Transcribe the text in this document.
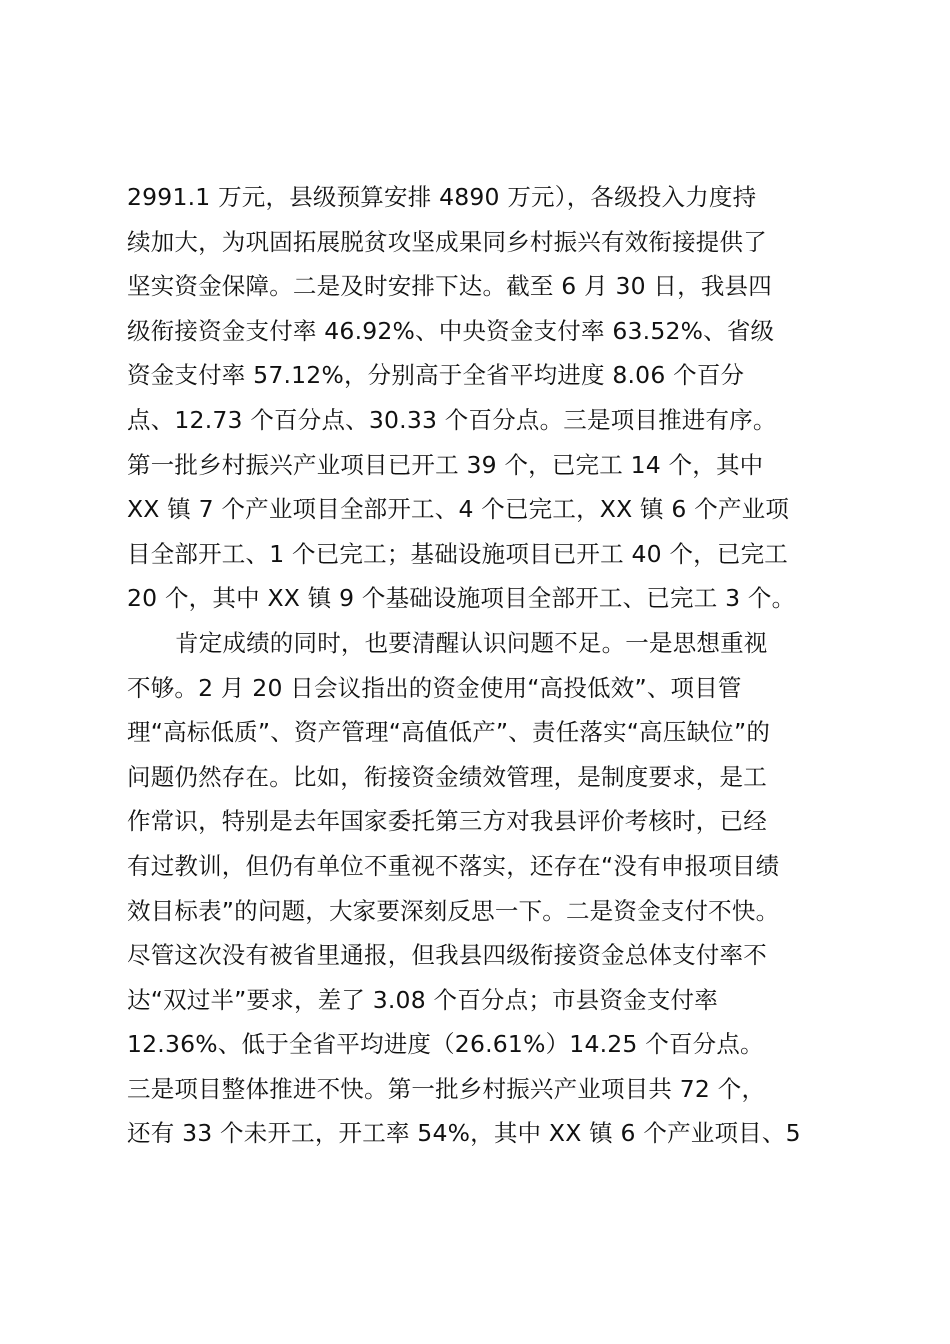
2991.1 万元，县级预算安排 4890 万元），各级投入力度持
续加大，为巩固拓展脱贫攻坚成果同乡村振兴有效衔接提供了
坚实资金保障。二是及时安排下达。截至 6 月 30 日，我县四
级衔接资金支付率 46.92%、中央资金支付率 63.52%、省级
资金支付率 57.12%，分别高于全省平均进度 8.06 个百分
点、12.73 个百分点、30.33 个百分点。三是项目推进有序。
第一批乡村振兴产业项目已开工 39 个，已完工 14 个，其中
XX 镇 7 个产业项目全部开工、4 个已完工，XX 镇 6 个产业项
目全部开工、1 个已完工；基础设施项目已开工 40 个，已完工
20 个，其中 XX 镇 9 个基础设施项目全部开工、已完工 3 个。
肯定成绩的同时，也要清醒认识问题不足。一是思想重视
不够。2 月 20 日会议指出的资金使用“高投低效”、项目管
理“高标低质”、资产管理“高值低产”、责任落实“高压缺位”的
问题仍然存在。比如，衔接资金绩效管理，是制度要求，是工
作常识，特别是去年国家委托第三方对我县评价考核时，已经
有过教训，但仍有单位不重视不落实，还存在“没有申报项目绩
效目标表”的问题，大家要深刻反思一下。二是资金支付不快。
尽管这次没有被省里通报，但我县四级衔接资金总体支付率不
达“双过半”要求，差了 3.08 个百分点；市县资金支付率
12.36%、低于全省平均进度（26.61%）14.25 个百分点。
三是项目整体推进不快。第一批乡村振兴产业项目共 72 个，
还有 33 个未开工，开工率 54%，其中 XX 镇 6 个产业项目、5
